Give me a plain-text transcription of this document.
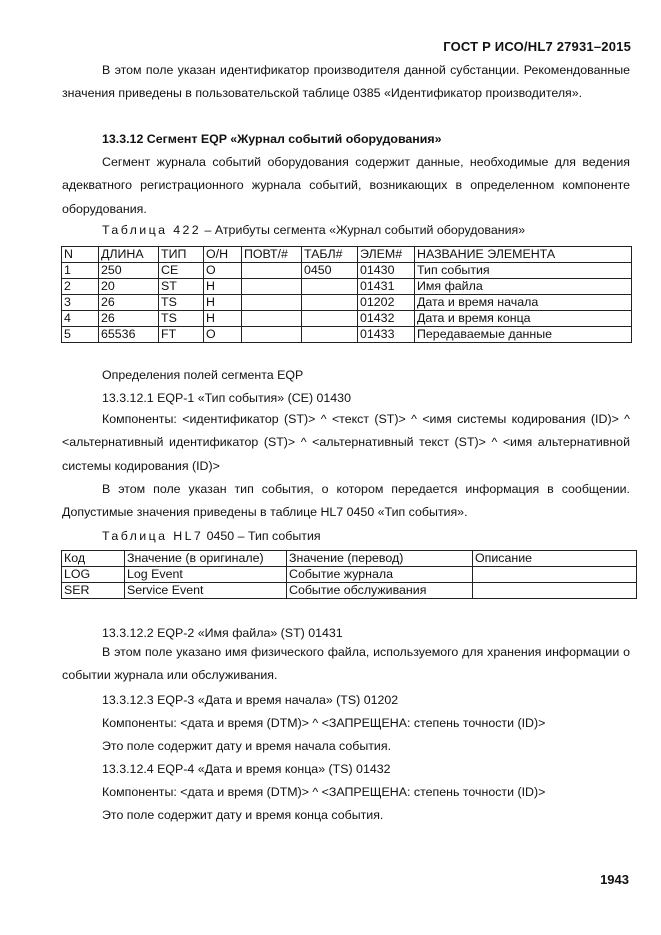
ГОСТ Р ИСО/HL7 27931–2015

В этом поле указан идентификатор производителя данной субстанции. Рекомендованные значения приведены в пользовательской таблице 0385 «Идентификатор производителя».

13.3.12 Сегмент EQP «Журнал событий оборудования»

Сегмент журнала событий оборудования содержит данные, необходимые для ведения адекватного регистрационного журнала событий, возникающих в определенном компоненте оборудования.

Таблица 422 – Атрибуты сегмента «Журнал событий оборудования»
N	ДЛИНА	ТИП	О/Н	ПОВТ/#	ТАБЛ#	ЭЛЕМ#	НАЗВАНИЕ ЭЛЕМЕНТА
1	250	CE	O		0450	01430	Тип события
2	20	ST	H			01431	Имя файла
3	26	TS	H			01202	Дата и время начала
4	26	TS	H			01432	Дата и время конца
5	65536	FT	O			01433	Передаваемые данные

Определения полей сегмента EQP

13.3.12.1 EQP-1 «Тип события» (CE) 01430

Компоненты: <идентификатор (ST)> ^ <текст (ST)> ^ <имя системы кодирования (ID)> ^ <альтернативный идентификатор (ST)> ^ <альтернативный текст (ST)> ^ <имя альтернативной системы кодирования (ID)>

В этом поле указан тип события, о котором передается информация в сообщении. Допустимые значения приведены в таблице HL7 0450 «Тип события».

Таблица HL7 0450 – Тип события
Код	Значение (в оригинале)	Значение (перевод)	Описание
LOG	Log Event	Событие журнала	
SER	Service Event	Событие обслуживания	

13.3.12.2 EQP-2 «Имя файла» (ST) 01431

В этом поле указано имя физического файла, используемого для хранения информации о событии журнала или обслуживания.

13.3.12.3 EQP-3 «Дата и время начала» (TS) 01202

Компоненты: <дата и время (DTM)> ^ <ЗАПРЕЩЕНА: степень точности (ID)>

Это поле содержит дату и время начала события.

13.3.12.4 EQP-4 «Дата и время конца» (TS) 01432

Компоненты: <дата и время (DTM)> ^ <ЗАПРЕЩЕНА: степень точности (ID)>

Это поле содержит дату и время конца события.

1943
